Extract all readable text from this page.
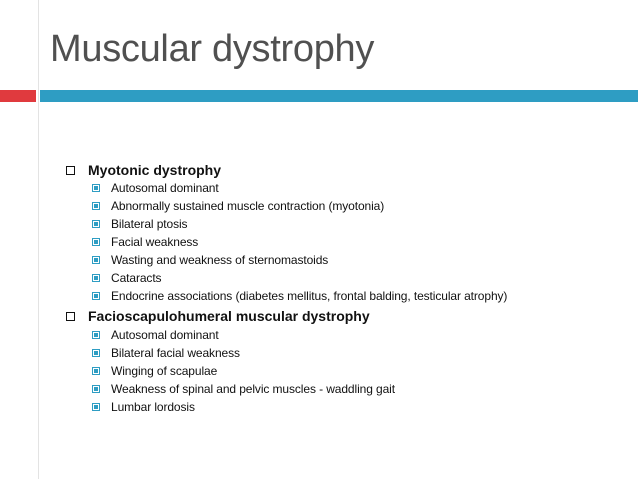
Muscular dystrophy
Myotonic dystrophy
Autosomal dominant
Abnormally sustained muscle contraction (myotonia)
Bilateral ptosis
Facial weakness
Wasting and weakness of sternomastoids
Cataracts
Endocrine associations (diabetes mellitus, frontal balding, testicular atrophy)
Facioscapulohumeral muscular dystrophy
Autosomal dominant
Bilateral facial weakness
Winging of scapulae
Weakness of spinal and pelvic muscles - waddling gait
Lumbar lordosis
